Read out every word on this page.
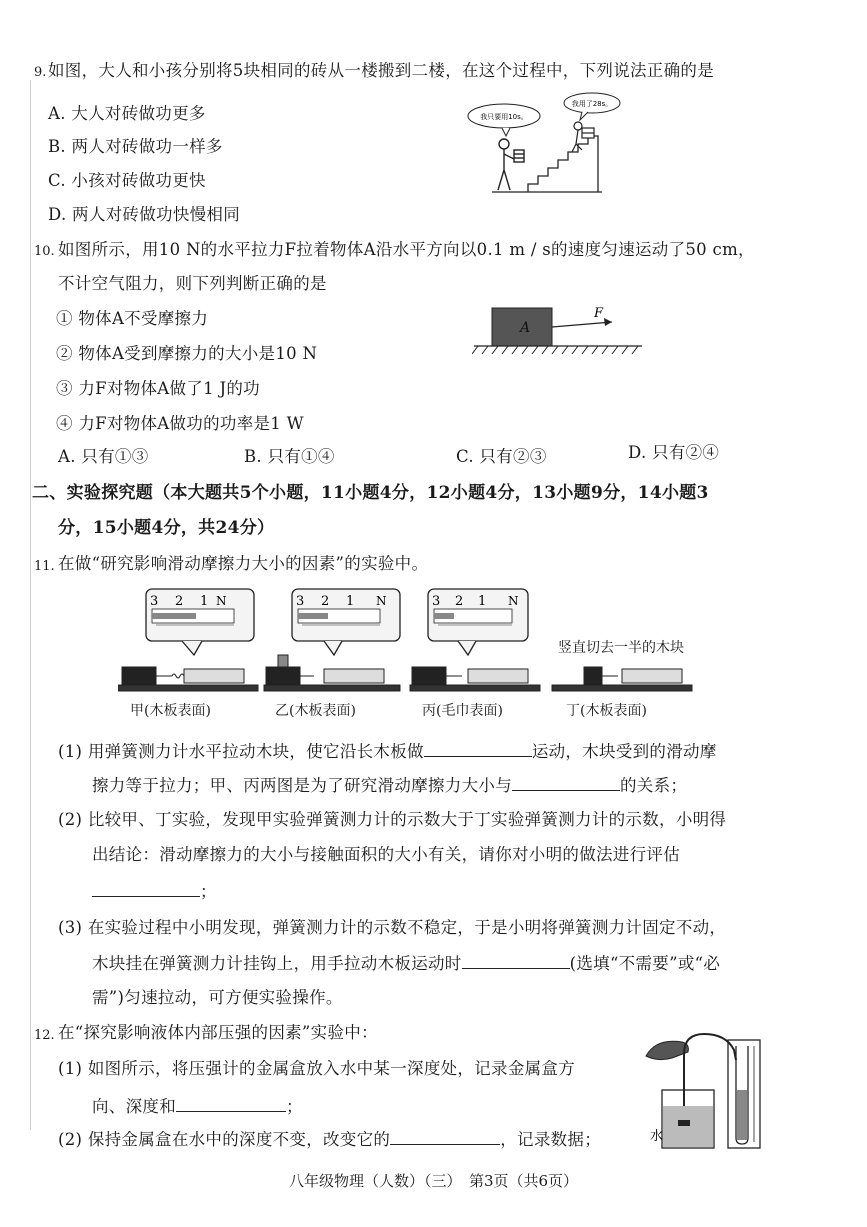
9. 如图，大人和小孩分别将5块相同的砖从一楼搬到二楼，在这个过程中，下列说法正确的是
A. 大人对砖做功更多
B. 两人对砖做功一样多
C. 小孩对砖做功更快
D. 两人对砖做功快慢相同
我只要用10s。
我用了28s。
10. 如图所示，用10 N的水平拉力F拉着物体A沿水平方向以0.1 m / s的速度匀速运动了50 cm，
不计空气阻力，则下列判断正确的是
① 物体A不受摩擦力
② 物体A受到摩擦力的大小是10 N
③ 力F对物体A做了1 J的功
④ 力F对物体A做功的功率是1 W
A. 只有①③	B. 只有①④	C. 只有②③	D. 只有②④
A
F
二、实验探究题（本大题共5个小题，11小题4分，12小题4分，13小题9分，14小题3
分，15小题4分，共24分）
11. 在做“研究影响滑动摩擦力大小的因素”的实验中。
3 2 1 N	3 2 1 N	3 2 1 N
竖直切去一半的木块
甲(木板表面)	乙(木板表面)	丙(毛巾表面)	丁(木板表面)
(1) 用弹簧测力计水平拉动木块，使它沿长木板做	运动，木块受到的滑动摩
擦力等于拉力；甲、丙两图是为了研究滑动摩擦力大小与	的关系；
(2) 比较甲、丁实验，发现甲实验弹簧测力计的示数大于丁实验弹簧测力计的示数，小明得
出结论：滑动摩擦力的大小与接触面积的大小有关，请你对小明的做法进行评估
；
(3) 在实验过程中小明发现，弹簧测力计的示数不稳定，于是小明将弹簧测力计固定不动，
木块挂在弹簧测力计挂钩上，用手拉动木板运动时	(选填“不需要”或“必
需”)匀速拉动，可方便实验操作。
12. 在“探究影响液体内部压强的因素”实验中：
(1) 如图所示，将压强计的金属盒放入水中某一深度处，记录金属盒方
向、深度和	；
(2) 保持金属盒在水中的深度不变，改变它的	，记录数据；	水
八年级物理（人数）（三）　第3页（共6页）
